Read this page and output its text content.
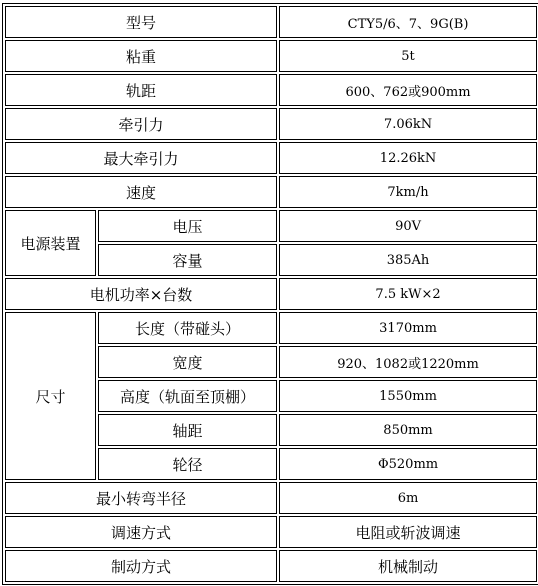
型号		CTY5/6、7、9G(B)
粘重		5t
轨距		600、762或900mm
牵引力		7.06kN
最大牵引力		12.26kN
速度		7km/h
电源装置	电压	90V
	容量	385Ah
电机功率×台数		7.5 kW×2
尺寸	长度（带碰头）	3170mm
	宽度	920、1082或1220mm
	高度（轨面至顶棚）	1550mm
	轴距	850mm
	轮径	Φ520mm
最小转弯半径		6m
调速方式		电阻或斩波调速
制动方式		机械制动
